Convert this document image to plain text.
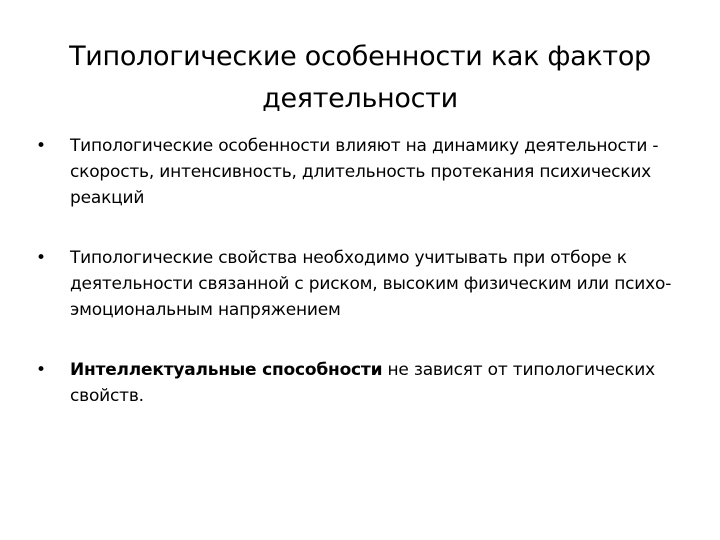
Типологические особенности как фактор деятельности
•	Типологические особенности влияют на динамику деятельности - скорость, интенсивность, длительность протекания психических реакций
•	Типологические свойства необходимо учитывать при отборе к деятельности связанной с риском, высоким физическим или психо-эмоциональным напряжением
•	Интеллектуальные способности не зависят от типологических свойств.
